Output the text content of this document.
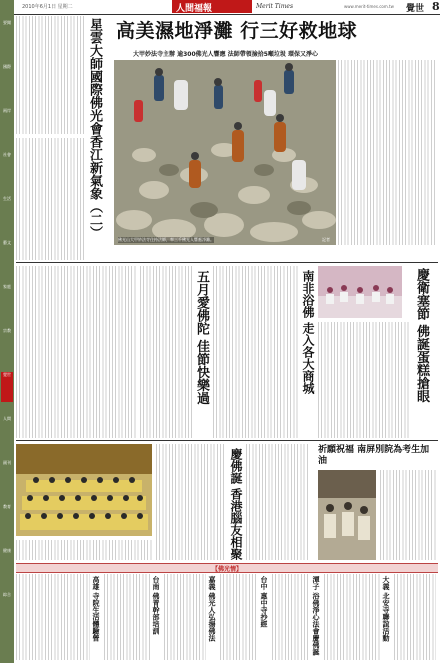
要聞
國際
兩岸
社會
生活
藝文
家庭
宗教
覺世
人間
副刊
教育
健康
綜合
2010年6月1日 星期二	人間福報	Merit Times	www.merit-times.com.tw 覺世 8
星雲大師國際佛光會香江新氣象（二） 高美濕地淨灘 行三好救地球
大甲妙法寺主辦 逾300佛光人響應 法師帶領撿拾5噸垃圾 環保又淨心
佛光山大甲妙法寺住持法師，率三千佛光人響應淨灘。	記者
五月愛佛陀 佳節快樂過	南非浴佛 走入各大商城	慶衛塞節 佛誕蛋糕搶眼
慶佛誕 香港腦友相聚	祈願祝福 南屏別院為考生加油
【佛光情】
高雄 寺院生活體驗營	台南 佛青幹部培訓	嘉義 佛光人弘揚佛法	台中 惠中寺抄經	潭子 浴佛淨心法會慶佛誕	大義 北安寺聯誼活動
